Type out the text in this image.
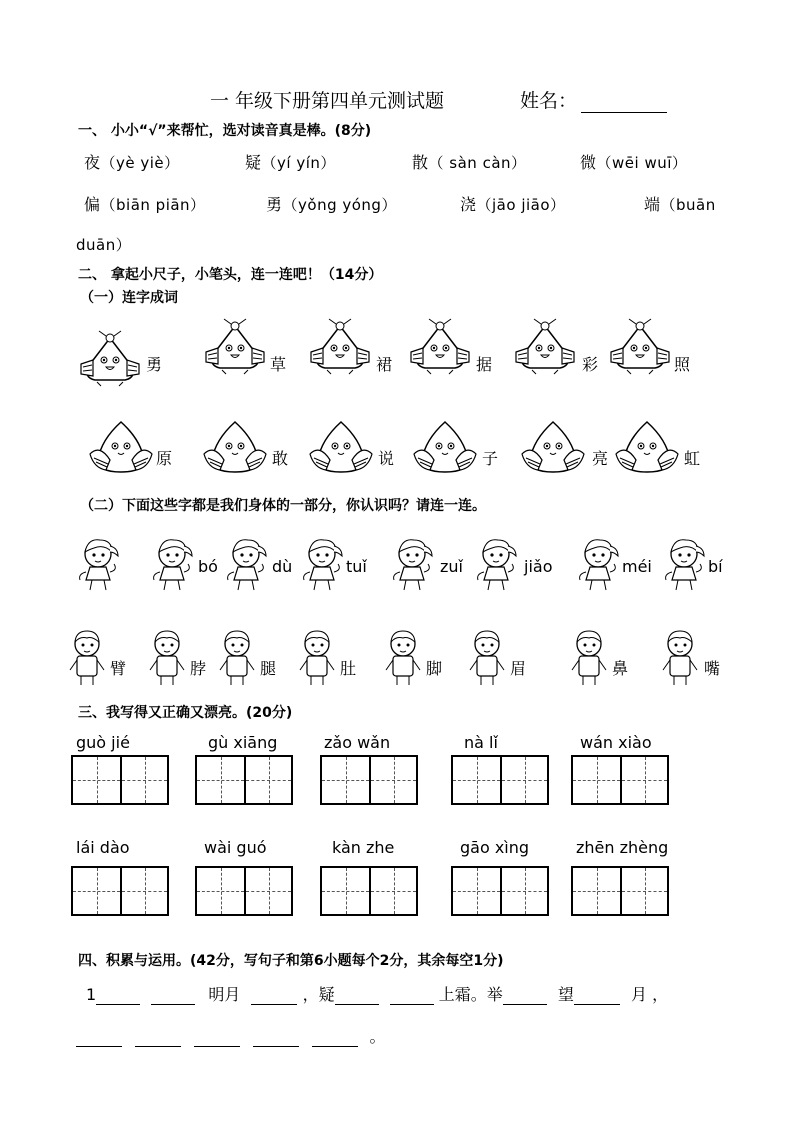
一 年级下册第四单元测试题	姓名：
一、 小小“√”来帮忙，选对读音真是棒。(8分)
夜（yè yiè）	疑（yí yín）	散（ sàn càn）	微（wēi wuī）
偏（biān piān）	勇（yǒng yóng）	浇（jāo jiāo）	端（buān
duān）
二、 拿起小尺子，小笔头，连一连吧！（14分）
（一）连字成词
勇	草	裙	据	彩	照
原	敢	说	子	亮	虹
（二）下面这些字都是我们身体的一部分，你认识吗？请连一连。
bó	dù	tuǐ	zuǐ	jiǎo	méi	bí
臂	脖	腿	肚	脚	眉	鼻	嘴
三、我写得又正确又漂亮。(20分)
guò jié	gù xiāng	zǎo wǎn	nà lǐ	wán xiào
lái dào	wài guó	kàn zhe	gāo xìng	zhēn zhèng
四、积累与运用。(42分，写句子和第6小题每个2分，其余每空1分)
1	明月	，疑	上霜。举	望	月 ，
。
